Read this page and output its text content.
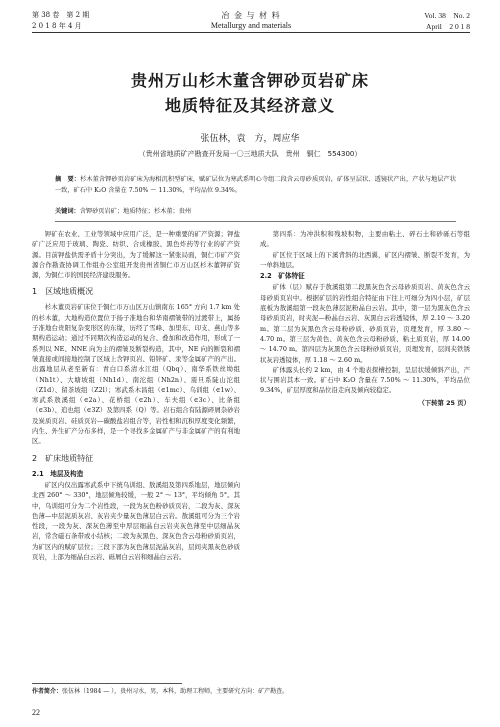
第 38 卷　第 2 期	冶 金 与 材 料	Vol. 38　No. 2
2 0 1 8 年 4 月	Metallurgy and materials	April　2 0 1 8
贵州万山杉木董含钾砂页岩矿床
地质特征及其经济意义
张伍林，袁　方，周应华
（贵州省地质矿产勘查开发局一〇三地质大队　贵州　铜仁　554300）
摘　要：杉木董含钾砂页岩矿床为海相沉积型矿床，赋矿层位为寒武系明心寺组二段含云母砂质页岩，矿体呈层状、透镜状产出，产状与地层产状一致，矿石中 K₂O 含量在 7.50% ～ 11.30%，平均品位 9.34%。
关键词：含钾砂页岩矿；地质特征；杉木董；贵州

钾矿在农业、工业等领域中应用广泛，是一种重要的矿产资源；钾盐矿广泛应用于玻璃、陶瓷、纺织、合成橡胶、黑色炸药等行业的矿产资源。目前钾盐供需矛盾十分突出，为了缓解这一紧张局面，铜仁市矿产资源合作勘查协调工作组办公室组开发贵州省铜仁市万山区杉木董钾矿资源，为铜仁市的国民经济建设服务。

1　区域地质概况

杉木董页岩矿床位于铜仁市万山区万山镇南东 165° 方向 1.7 km 处的杉木董，大地构造位置位于扬子准地台和华南褶皱带的过渡带上，属扬子准地台贵阳复杂变形区的东缘，历经了雪峰、加里东、印支、燕山等多期构造运动；通过不同期次构造运动的复合、叠加和改造作用，形成了一系列以 NE、NNE 向为主的褶皱及断裂构造，其中，NE 向的断裂和褶皱直接或间接地控制了区域上含钾页岩、铅锌矿、汞等金属矿产的产出。出露地层从老至新有：青白口系清水江组（Qbq）、南华系铁丝坳组（Nh1t）、大塘坡组（Nh1d）、南沱组（Nh2n）、震旦系陡山沱组（Z1d）、留茶坡组（Z2l）；寒武系木昌组（∈1mc）、乌训组（∈1w）、寒武系敖溪组（∈2a）、花桥组（∈2h）、车夫组（∈3c）、比条组（∈3b）、追也组（∈3Z）及第四系（Q）等。岩石组合有陆源碎屑杂砂岩及炭质页岩、硅质页岩—碳酸盐岩组合等，岩性相和沉积厚度变化频繁，内生、外生矿产分布多样，是一个寻找多金属矿产与非金属矿产的有利地区。

2　矿床地质特征
2.1　地层及构造

矿区内仅出露寒武系中下统乌训组、敖溪组及第四系地层，地层倾向北西 260° ～ 330°，地层倾角较缓，一般 2° ～ 13°，平均倾角 5°。其中，乌训组可分为二个岩性段，一段为灰色粉砂质页岩，二段为灰、深灰色薄—中层泥质灰岩、灰岩夹少量灰色薄层白云岩。敖溪组可分为三个岩性段，一段为灰、深灰色薄至中厚层细晶白云岩夹灰色薄至中层细晶灰岩，常含磁石条带或小结核；二段为灰黑色、深灰色含云母粉砂质页岩，为矿区内的赋矿层位；三段下部为灰色薄层泥晶灰岩，层间夹黑灰色砂质页岩，上部为细晶白云岩、砾屑白云岩和细晶白云岩。

第四系：为冲洪积和残坡积物，主要由粘土、碎石土和砂砾石等组成。

矿区位于区域上的下溪背斜的北西翼，矿区内褶皱、断裂不发育，为一单斜地层。

2.2　矿体特征

矿体（层）赋存于敖溪组第二段黑灰色含云母砂质页岩、黄灰色含云母砂质页岩中。根据矿层的岩性组合特征由下往上可细分为四小层，矿层底板为敖溪组第一段灰色薄层泥粉晶白云岩。其中，第一层为黑灰色含云母砂质页岩，时夹泥—粉晶白云岩、灰黑白云岩透镜体，厚 2.10 ～ 3.20 m。第二层为灰黑色含云母粉砂质、砂质页岩，页理发育，厚 3.80 ～ 4.70 m。第三层为黄色、黄灰色含云母粉砂质、粘土质页岩，厚 14.00 ～ 14.70 m。第四层为灰黑色含云母粉砂质页岩，页理发育，层间夹铁锈状灰岩透镜体，厚 1.18 ～ 2.60 m。

矿体露头长约 2 km，由 4 个地表探槽控制，呈层状缓倾斜产出，产状与围岩其本一致。矿石中 K₂O 含量在 7.50% ～ 11.30%，平均品位 9.34%，矿层厚度和品位沿走向及倾向较稳定。

（下转第 25 页）
作者简介：张伍林（1984 — ），贵州习水，男，本科，助理工程师，主要研究方向：矿产勘查。
22
